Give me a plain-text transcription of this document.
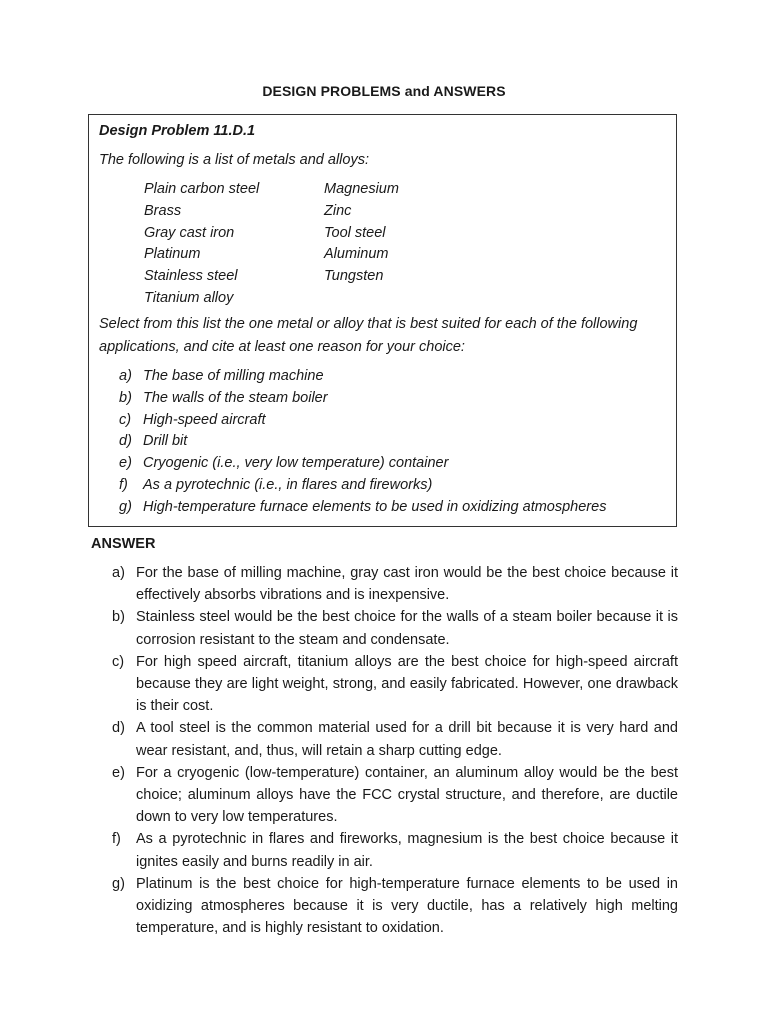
DESIGN PROBLEMS and ANSWERS
Design Problem 11.D.1
The following is a list of metals and alloys:
Plain carbon steel	Magnesium
Brass	Zinc
Gray cast iron	Tool steel
Platinum	Aluminum
Stainless steel	Tungsten
Titanium alloy
Select from this list the one metal or alloy that is best suited for each of the following applications, and cite at least one reason for your choice:
a) The base of milling machine
b) The walls of the steam boiler
c) High-speed aircraft
d) Drill bit
e) Cryogenic (i.e., very low temperature) container
f) As a pyrotechnic (i.e., in flares and fireworks)
g) High-temperature furnace elements to be used in oxidizing atmospheres
ANSWER
a) For the base of milling machine, gray cast iron would be the best choice because it effectively absorbs vibrations and is inexpensive.
b) Stainless steel would be the best choice for the walls of a steam boiler because it is corrosion resistant to the steam and condensate.
c) For high speed aircraft, titanium alloys are the best choice for high-speed aircraft because they are light weight, strong, and easily fabricated. However, one drawback is their cost.
d) A tool steel is the common material used for a drill bit because it is very hard and wear resistant, and, thus, will retain a sharp cutting edge.
e) For a cryogenic (low-temperature) container, an aluminum alloy would be the best choice; aluminum alloys have the FCC crystal structure, and therefore, are ductile down to very low temperatures.
f) As a pyrotechnic in flares and fireworks, magnesium is the best choice because it ignites easily and burns readily in air.
g) Platinum is the best choice for high-temperature furnace elements to be used in oxidizing atmospheres because it is very ductile, has a relatively high melting temperature, and is highly resistant to oxidation.
